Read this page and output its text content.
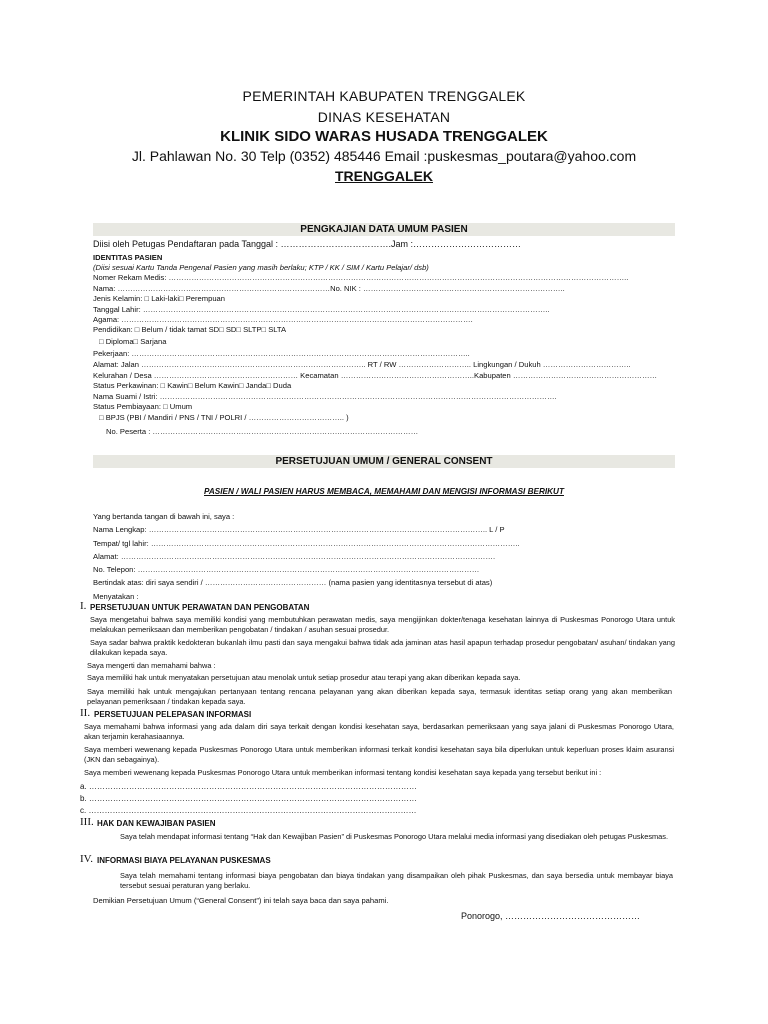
PEMERINTAH KABUPATEN TRENGGALEK
DINAS KESEHATAN
KLINIK SIDO WARAS HUSADA TRENGGALEK
Jl. Pahlawan No. 30 Telp (0352) 485446 Email :puskesmas_poutara@yahoo.com
TRENGGALEK
PENGKAJIAN DATA UMUM PASIEN
Diisi oleh Petugas Pendaftaran pada Tanggal : ……………………………….Jam :………………………………
IDENTITAS PASIEN
(Diisi sesuai Kartu Tanda Pengenal Pasien yang masih berlaku; KTP / KK / SIM / Kartu Pelajar/ dsb)
Nomer Rekam Medis: ………………………………………………………………………………………………………………………………………………………………..
Nama: …………………………………………………………………………No. NIK : ……………………………………………………………………..
Jenis Kelamin: □ Laki-laki□ Perempuan
Tanggal Lahir: ……………………………………………………………………………………………………………………………………………..
Agama: ………………………………………………………………………………………………………………………….
Pendidikan: □ Belum / tidak tamat SD□ SD□ SLTP□ SLTA
□ Diploma□ Sarjana
Pekerjaan: ……………………………………………………………………………………………………………………..
Alamat: Jalan …………………………………………………………………………….. RT / RW ……………………….. Lingkungan / Dukuh ……………………………..
Kelurahan / Desa ………………………………………………… Kecamatan ……………………………………………..Kabupaten …………………………………………………
Status Perkawinan: □ Kawin□ Belum Kawin□ Janda□ Duda
Nama Suami / Istri: ………………………………………………………………………………………………………………………………………….
Status Pembiayaan: □ Umum
□ BPJS (PBI / Mandiri / PNS / TNI / POLRI / ……………………………….. )
No. Peserta : ……………………………………………………………………………………………
PERSETUJUAN UMUM / GENERAL CONSENT
PASIEN / WALI PASIEN HARUS MEMBACA, MEMAHAMI DAN MENGISI INFORMASI BERIKUT
Yang bertanda tangan di bawah ini, saya :
Nama Lengkap: …………………………………………………………………………………………………………………….. L / P
Tempat/ tgl lahir: ………………………………………………………………………………………………………………………………..
Alamat: ………………………………………………………………………………………………………………………………….
No. Telepon: ………………………………………………………………………………………………………………………
Bertindak atas: diri saya sendiri / ………………………………………… (nama pasien yang identitasnya tersebut di atas)
Menyatakan :
I. PERSETUJUAN UNTUK PERAWATAN DAN PENGOBATAN
Saya mengetahui bahwa saya memiliki kondisi yang membutuhkan perawatan medis, saya mengijinkan dokter/tenaga kesehatan lainnya di Puskesmas Ponorogo Utara untuk melakukan pemeriksaan dan memberikan pengobatan / tindakan / asuhan sesuai prosedur.
Saya sadar bahwa praktik kedokteran bukanlah ilmu pasti dan saya mengakui bahwa tidak ada jaminan atas hasil apapun terhadap prosedur pengobatan/ asuhan/ tindakan yang dilakukan kepada saya.
Saya mengerti dan memahami bahwa :
Saya memiliki hak untuk menyatakan persetujuan atau menolak untuk setiap prosedur atau terapi yang akan diberikan kepada saya.
Saya memiliki hak untuk mengajukan pertanyaan tentang rencana pelayanan yang akan diberikan kepada saya, termasuk identitas setiap orang yang akan memberikan pelayanan pemeriksaan / tindakan kepada saya.
II. PERSETUJUAN PELEPASAN INFORMASI
Saya memahami bahwa informasi yang ada dalam diri saya terkait dengan kondisi kesehatan saya, berdasarkan pemeriksaan yang saya jalani di Puskesmas Ponorogo Utara, akan terjamin kerahasiaannya.
Saya memberi wewenang kepada Puskesmas Ponorogo Utara untuk memberikan informasi terkait kondisi kesehatan saya bila diperlukan untuk keperluan proses klaim asuransi (JKN dan sebagainya).
Saya memberi wewenang kepada Puskesmas Ponorogo Utara untuk memberikan informasi tentang kondisi kesehatan saya kepada yang tersebut berikut ini :
a. ……………………………………………………………………………………………………………
b. ……………………………………………………………………………………………………………
c. ……………………………………………………………………………………………………………
III. HAK DAN KEWAJIBAN PASIEN
Saya telah mendapat informasi tentang “Hak dan Kewajiban Pasien” di Puskesmas Ponorogo Utara melalui media informasi yang disediakan oleh petugas Puskesmas.
IV. INFORMASI BIAYA PELAYANAN PUSKESMAS
Saya telah memahami tentang informasi biaya pengobatan dan biaya tindakan yang disampaikan oleh pihak Puskesmas, dan saya bersedia untuk membayar biaya tersebut sesuai peraturan yang berlaku.
Demikian Persetujuan Umum (“General Consent”) ini telah saya baca dan saya pahami.
Ponorogo, ………………………………………
